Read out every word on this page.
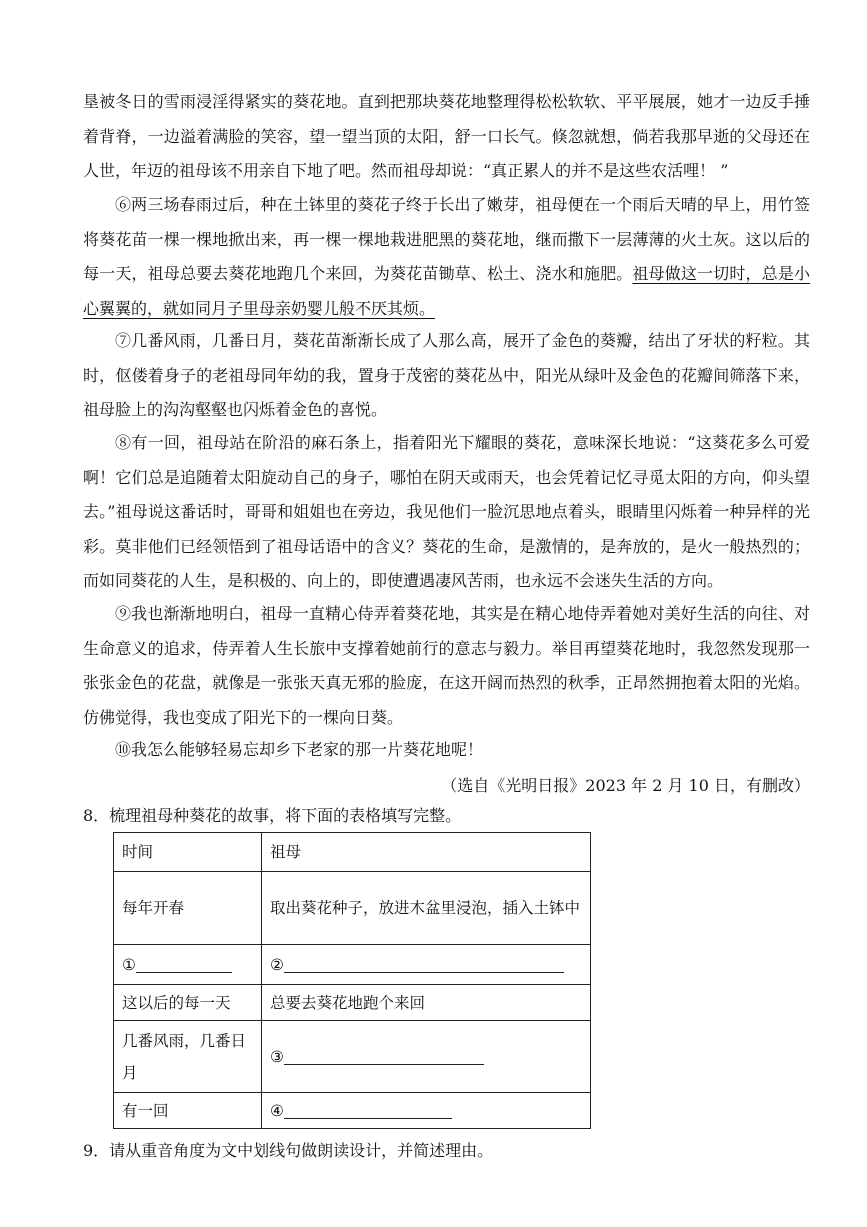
垦被冬日的雪雨浸淫得紧实的葵花地。直到把那块葵花地整理得松松软软、平平展展，她才一边反手捶着背脊，一边溢着满脸的笑容，望一望当顶的太阳，舒一口长气。倏忽就想，倘若我那早逝的父母还在人世，年迈的祖母该不用亲自下地了吧。然而祖母却说：“真正累人的并不是这些农活哩！ ”

⑥两三场春雨过后，种在土钵里的葵花子终于长出了嫩芽，祖母便在一个雨后天晴的早上，用竹签将葵花苗一棵一棵地掀出来，再一棵一棵地栽进肥黑的葵花地，继而撒下一层薄薄的火土灰。这以后的每一天，祖母总要去葵花地跑几个来回，为葵花苗锄草、松土、浇水和施肥。祖母做这一切时，总是小心翼翼的，就如同月子里母亲奶婴儿般不厌其烦。

⑦几番风雨，几番日月，葵花苗渐渐长成了人那么高，展开了金色的葵瓣，结出了牙状的籽粒。其时，伛偻着身子的老祖母同年幼的我，置身于茂密的葵花丛中，阳光从绿叶及金色的花瓣间筛落下来，祖母脸上的沟沟壑壑也闪烁着金色的喜悦。

⑧有一回，祖母站在阶沿的麻石条上，指着阳光下耀眼的葵花，意味深长地说：“这葵花多么可爱啊！它们总是追随着太阳旋动自己的身子，哪怕在阴天或雨天，也会凭着记忆寻觅太阳的方向，仰头望去。”祖母说这番话时，哥哥和姐姐也在旁边，我见他们一脸沉思地点着头，眼睛里闪烁着一种异样的光彩。莫非他们已经领悟到了祖母话语中的含义？葵花的生命，是激情的，是奔放的，是火一般热烈的；而如同葵花的人生，是积极的、向上的，即使遭遇凄风苦雨，也永远不会迷失生活的方向。

⑨我也渐渐地明白，祖母一直精心侍弄着葵花地，其实是在精心地侍弄着她对美好生活的向往、对生命意义的追求，侍弄着人生长旅中支撑着她前行的意志与毅力。举目再望葵花地时，我忽然发现那一张张金色的花盘，就像是一张张天真无邪的脸庞，在这开阔而热烈的秋季，正昂然拥抱着太阳的光焰。仿佛觉得，我也变成了阳光下的一棵向日葵。

⑩我怎么能够轻易忘却乡下老家的那一片葵花地呢！

（选自《光明日报》2023 年 2 月 10 日，有删改）
8．梳理祖母种葵花的故事，将下面的表格填写完整。
时间	祖母
每年开春	取出葵花种子，放进木盆里浸泡，插入土钵中
①	②
这以后的每一天	总要去葵花地跑个来回
几番风雨，几番日月	③
有一回	④
9．请从重音角度为文中划线句做朗读设计，并简述理由。
